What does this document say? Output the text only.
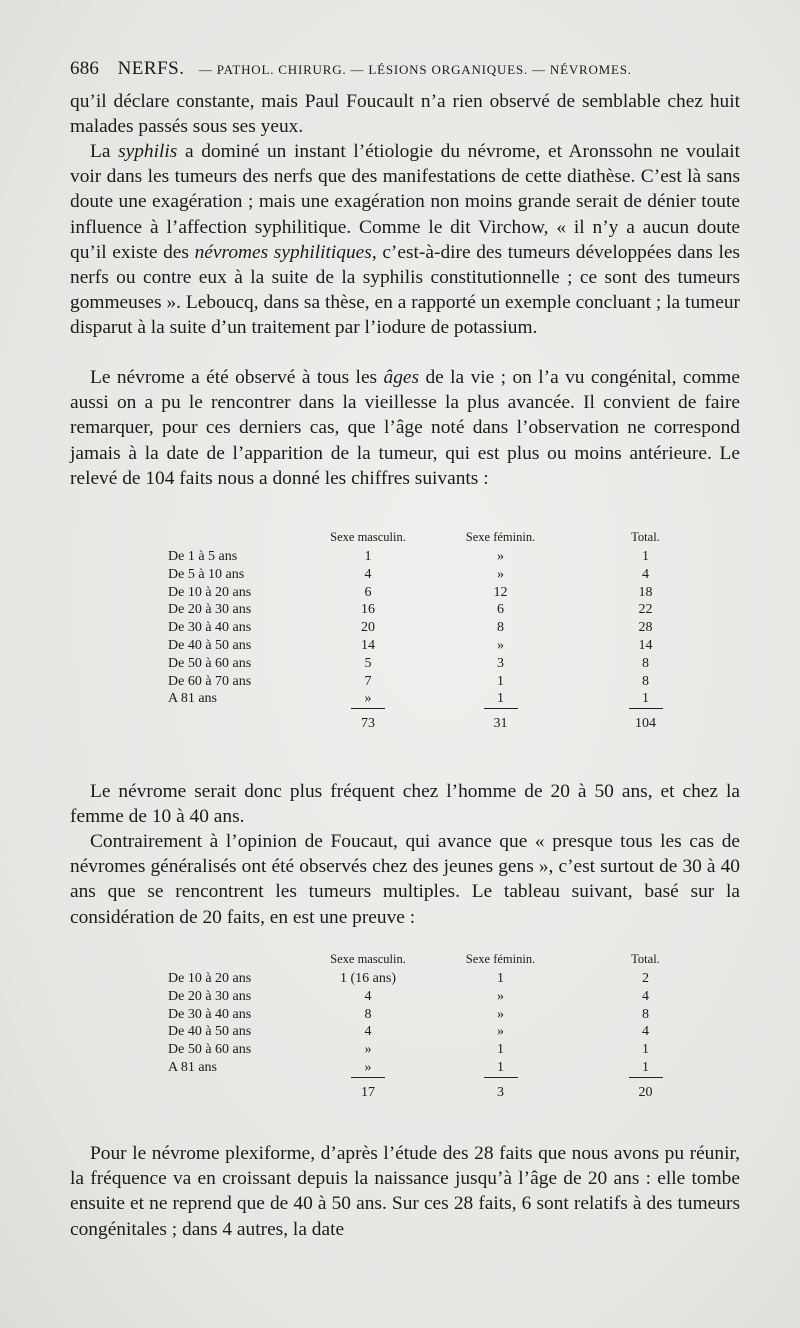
686 NERFS. — PATHOL. CHIRURG. — LÉSIONS ORGANIQUES. — NÉVROMES.

qu’il déclare constante, mais Paul Foucault n’a rien observé de semblable chez huit malades passés sous ses yeux.

La syphilis a dominé un instant l’étiologie du névrome, et Aronssohn ne voulait voir dans les tumeurs des nerfs que des manifestations de cette diathèse. C’est là sans doute une exagération ; mais une exagération non moins grande serait de dénier toute influence à l’affection syphilitique. Comme le dit Virchow, « il n’y a aucun doute qu’il existe des névromes syphilitiques, c’est-à-dire des tumeurs développées dans les nerfs ou contre eux à la suite de la syphilis constitutionnelle ; ce sont des tumeurs gommeuses ». Leboucq, dans sa thèse, en a rapporté un exemple concluant ; la tumeur disparut à la suite d’un traitement par l’iodure de potassium.

Le névrome a été observé à tous les âges de la vie ; on l’a vu congénital, comme aussi on a pu le rencontrer dans la vieillesse la plus avancée. Il convient de faire remarquer, pour ces derniers cas, que l’âge noté dans l’observation ne correspond jamais à la date de l’apparition de la tumeur, qui est plus ou moins antérieure. Le relevé de 104 faits nous a donné les chiffres suivants :

	Sexe masculin.	Sexe féminin.	Total.
De 1 à 5 ans	1	»	1
De 5 à 10 ans	4	»	4
De 10 à 20 ans	6	12	18
De 20 à 30 ans	16	6	22
De 30 à 40 ans	20	8	28
De 40 à 50 ans	14	»	14
De 50 à 60 ans	5	3	8
De 60 à 70 ans	7	1	8
A 81 ans	»	1	1
	73	31	104

Le névrome serait donc plus fréquent chez l’homme de 20 à 50 ans, et chez la femme de 10 à 40 ans.

Contrairement à l’opinion de Foucaut, qui avance que « presque tous les cas de névromes généralisés ont été observés chez des jeunes gens », c’est surtout de 30 à 40 ans que se rencontrent les tumeurs multiples. Le tableau suivant, basé sur la considération de 20 faits, en est une preuve :

	Sexe masculin.	Sexe féminin.	Total.
De 10 à 20 ans	1 (16 ans)	1	2
De 20 à 30 ans	4	»	4
De 30 à 40 ans	8	»	8
De 40 à 50 ans	4	»	4
De 50 à 60 ans	»	1	1
A 81 ans	»	1	1
	17	3	20

Pour le névrome plexiforme, d’après l’étude des 28 faits que nous avons pu réunir, la fréquence va en croissant depuis la naissance jusqu’à l’âge de 20 ans : elle tombe ensuite et ne reprend que de 40 à 50 ans. Sur ces 28 faits, 6 sont relatifs à des tumeurs congénitales ; dans 4 autres, la date
